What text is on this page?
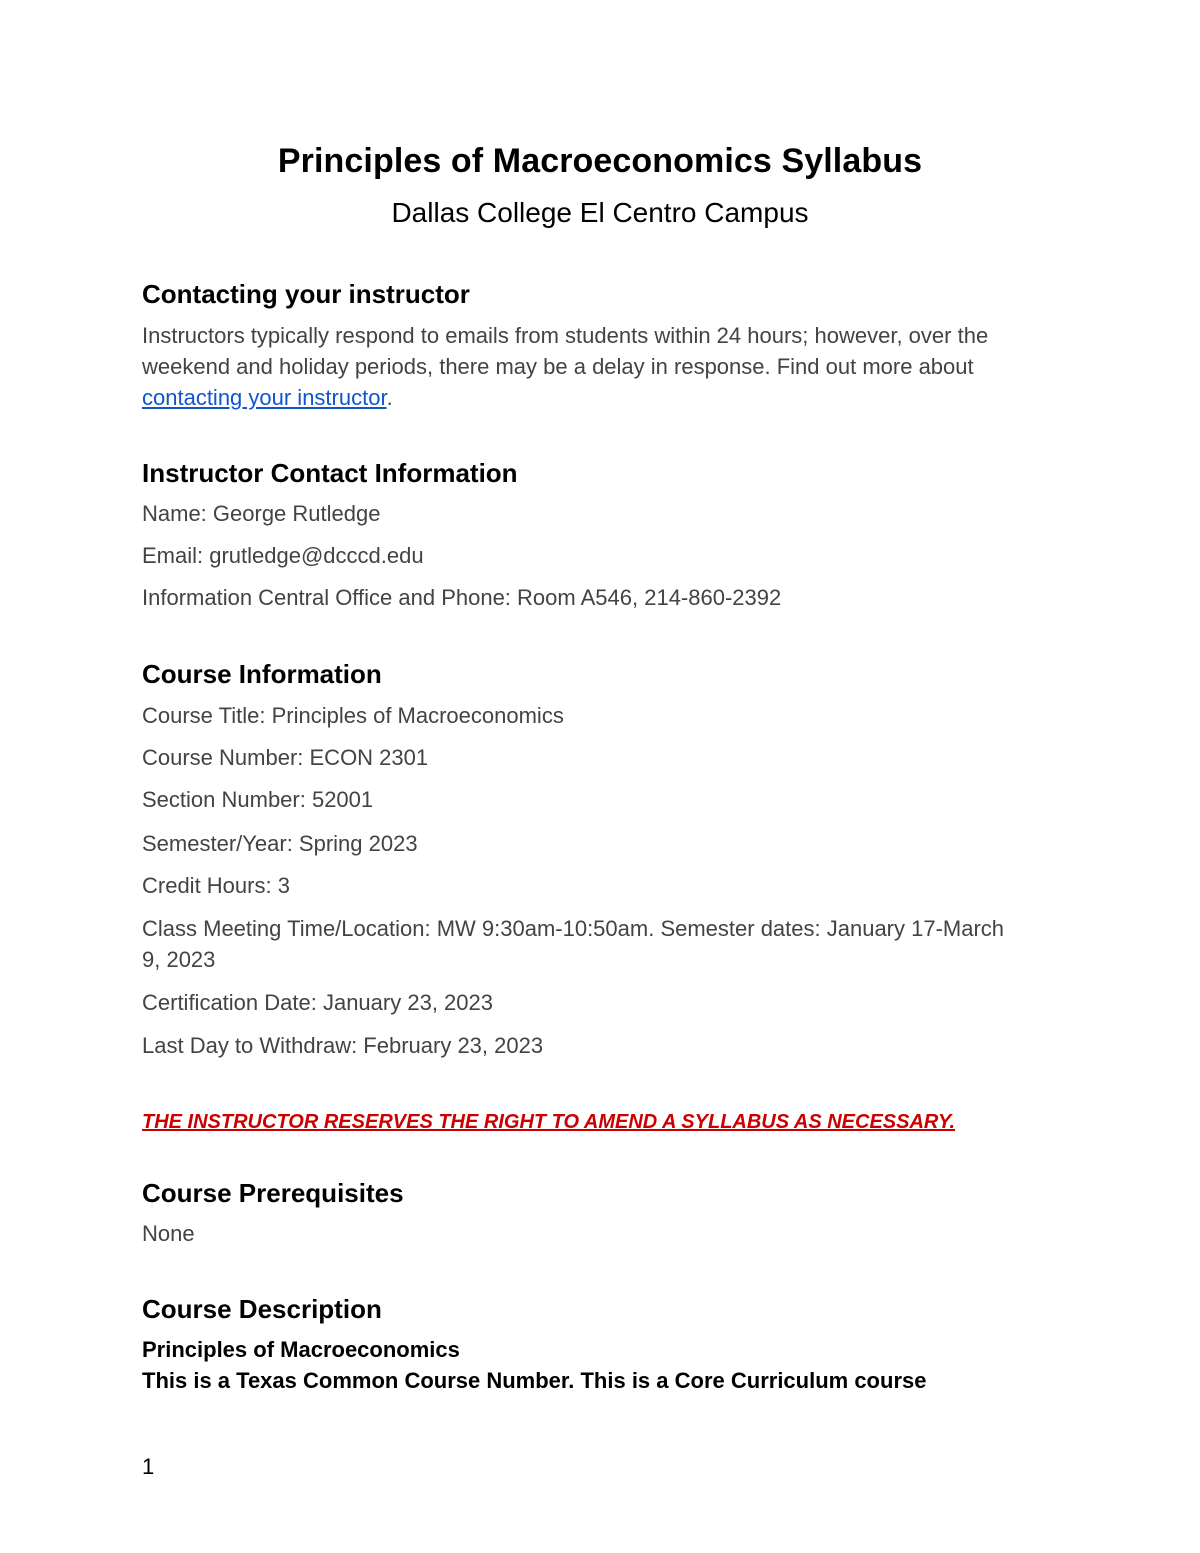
Principles of Macroeconomics Syllabus

Dallas College El Centro Campus

Contacting your instructor

Instructors typically respond to emails from students within 24 hours; however, over the

weekend and holiday periods, there may be a delay in response. Find out more about

contacting your instructor.

Instructor Contact Information

Name: George Rutledge

Email: grutledge@dcccd.edu

Information Central Office and Phone: Room A546, 214-860-2392

Course Information

Course Title: Principles of Macroeconomics

Course Number: ECON 2301

Section Number: 52001

Semester/Year: Spring 2023

Credit Hours: 3

Class Meeting Time/Location: MW 9:30am-10:50am. Semester dates: January 17-March

9, 2023

Certification Date: January 23, 2023

Last Day to Withdraw: February 23, 2023

THE INSTRUCTOR RESERVES THE RIGHT TO AMEND A SYLLABUS AS NECESSARY.

Course Prerequisites

None

Course Description

Principles of Macroeconomics

This is a Texas Common Course Number. This is a Core Curriculum course

1
